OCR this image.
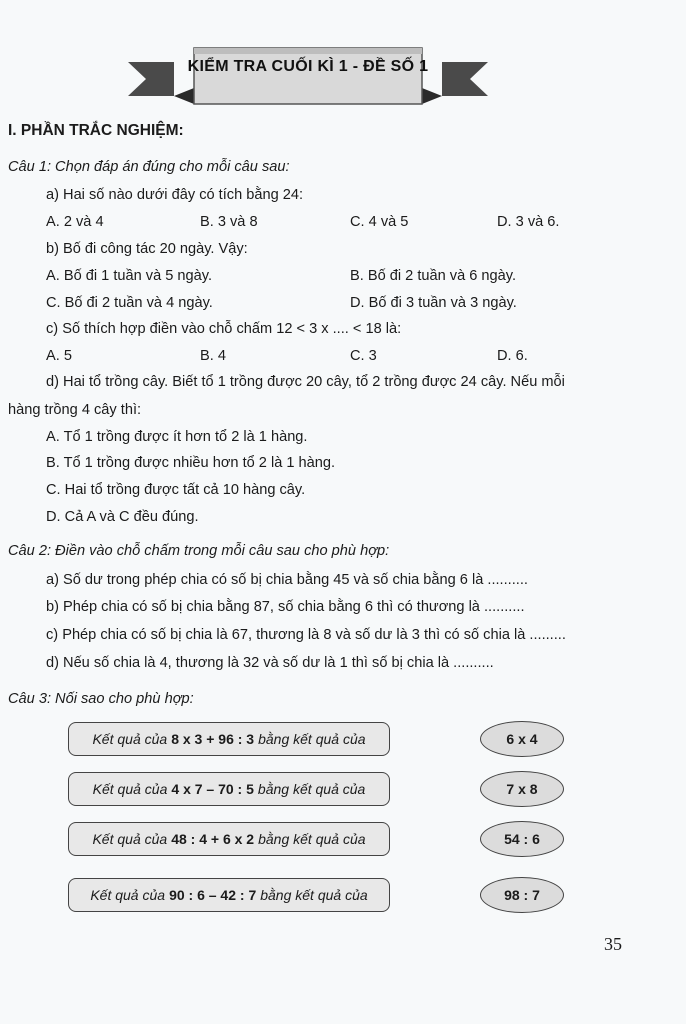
KIỂM TRA CUỐI KÌ 1 - ĐỀ SỐ 1
I. PHẦN TRẮC NGHIỆM:
Câu 1: Chọn đáp án đúng cho mỗi câu sau:
a) Hai số nào dưới đây có tích bằng 24:
A. 2 và 4	B. 3 và 8	C. 4 và 5	D. 3 và 6.
b) Bố đi công tác 20 ngày. Vậy:
A. Bố đi 1 tuần và 5 ngày.	B. Bố đi 2 tuần và 6 ngày.
C. Bố đi 2 tuần và 4 ngày.	D. Bố đi 3 tuần và 3 ngày.
c) Số thích hợp điền vào chỗ chấm 12 < 3 x .... < 18 là:
A. 5	B. 4	C. 3	D. 6.
d) Hai tổ trồng cây. Biết tổ 1 trồng được 20 cây, tổ 2 trồng được 24 cây. Nếu mỗi
hàng trồng 4 cây thì:
A. Tổ 1 trồng được ít hơn tổ 2 là 1 hàng.
B. Tổ 1 trồng được nhiều hơn tổ 2 là 1 hàng.
C. Hai tổ trồng được tất cả 10 hàng cây.
D. Cả A và C đều đúng.
Câu 2: Điền vào chỗ chấm trong mỗi câu sau cho phù hợp:
a) Số dư trong phép chia có số bị chia bằng 45 và số chia bằng 6 là ..........
b) Phép chia có số bị chia bằng 87, số chia bằng 6 thì có thương là ..........
c) Phép chia có số bị chia là 67, thương là 8 và số dư là 3 thì có số chia là .........
d) Nếu số chia là 4, thương là 32 và số dư là 1 thì số bị chia là ..........
Câu 3: Nối sao cho phù hợp:
Kết quả của 8 x 3 + 96 : 3 bằng kết quả của	6 x 4
Kết quả của 4 x 7 – 70 : 5 bằng kết quả của	7 x 8
Kết quả của 48 : 4 + 6 x 2 bằng kết quả của	54 : 6
Kết quả của 90 : 6 – 42 : 7 bằng kết quả của	98 : 7
35
